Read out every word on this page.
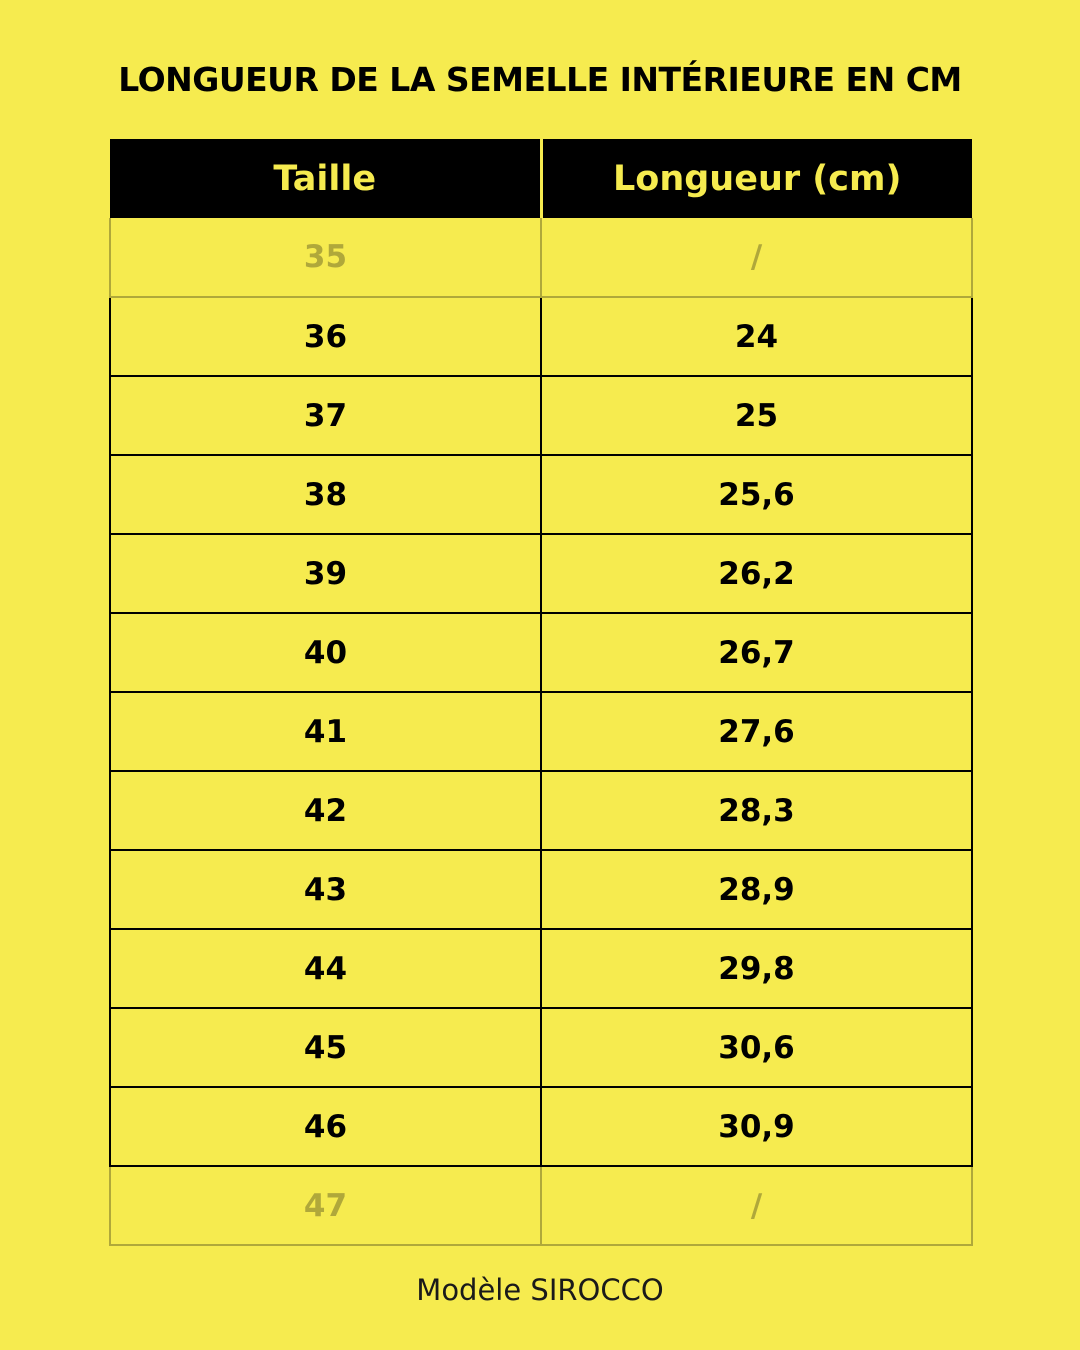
LONGUEUR DE LA SEMELLE INTÉRIEURE EN CM
Taille	Longueur (cm)
35	/
36	24
37	25
38	25,6
39	26,2
40	26,7
41	27,6
42	28,3
43	28,9
44	29,8
45	30,6
46	30,9
47	/
Modèle SIROCCO
